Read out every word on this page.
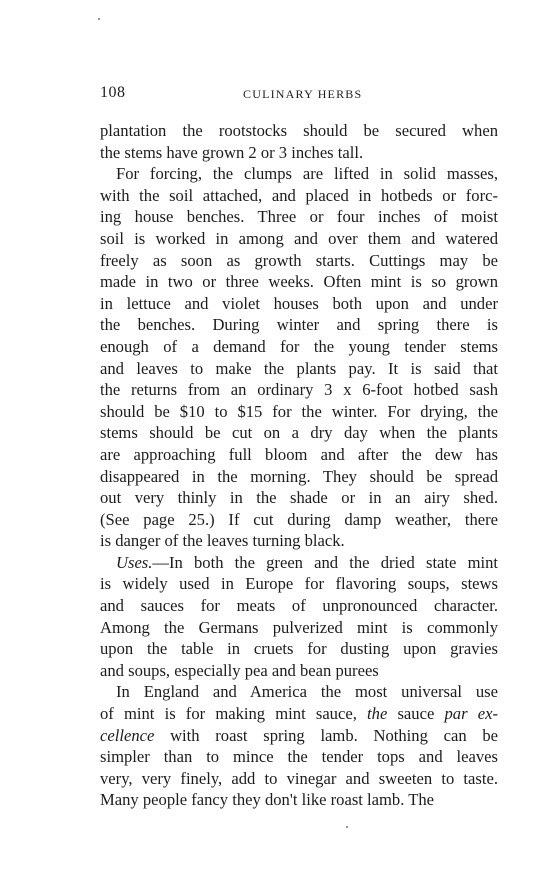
108	CULINARY HERBS
plantation the rootstocks should be secured when
the stems have grown 2 or 3 inches tall.
For forcing, the clumps are lifted in solid masses,
with the soil attached, and placed in hotbeds or forc-
ing house benches. Three or four inches of moist
soil is worked in among and over them and watered
freely as soon as growth starts. Cuttings may be
made in two or three weeks. Often mint is so grown
in lettuce and violet houses both upon and under
the benches. During winter and spring there is
enough of a demand for the young tender stems
and leaves to make the plants pay. It is said that
the returns from an ordinary 3 x 6-foot hotbed sash
should be $10 to $15 for the winter. For drying, the
stems should be cut on a dry day when the plants
are approaching full bloom and after the dew has
disappeared in the morning. They should be spread
out very thinly in the shade or in an airy shed.
(See page 25.) If cut during damp weather, there
is danger of the leaves turning black.
Uses.—In both the green and the dried state mint
is widely used in Europe for flavoring soups, stews
and sauces for meats of unpronounced character.
Among the Germans pulverized mint is commonly
upon the table in cruets for dusting upon gravies
and soups, especially pea and bean purees
In England and America the most universal use
of mint is for making mint sauce, the sauce par ex-
cellence with roast spring lamb. Nothing can be
simpler than to mince the tender tops and leaves
very, very finely, add to vinegar and sweeten to taste.
Many people fancy they don't like roast lamb. The
